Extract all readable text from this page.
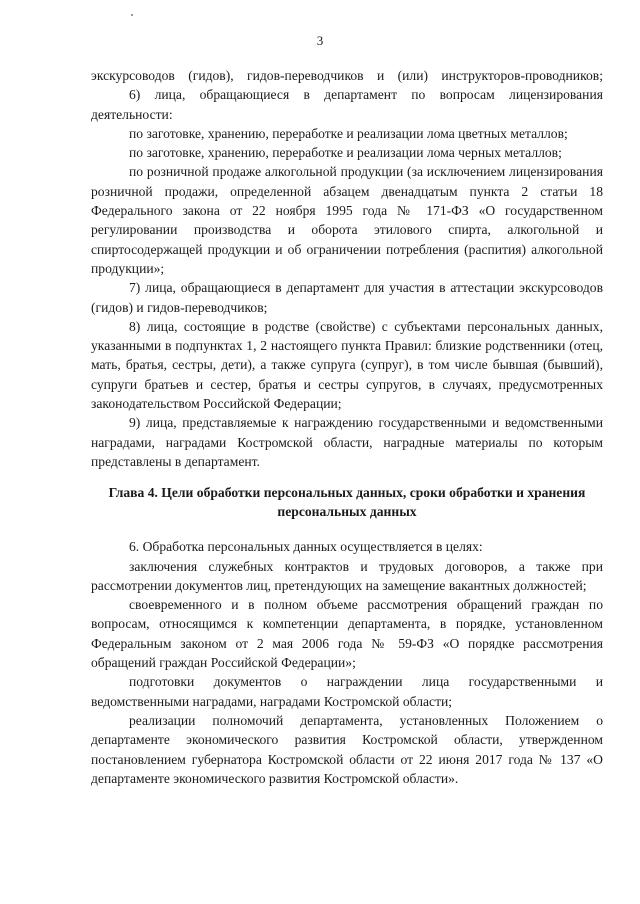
3

экскурсоводов (гидов), гидов-переводчиков и (или) инструкторов-проводников;

6) лица, обращающиеся в департамент по вопросам лицензирования деятельности:

по заготовке, хранению, переработке и реализации лома цветных металлов;

по заготовке, хранению, переработке и реализации лома черных металлов;

по розничной продаже алкогольной продукции (за исключением лицензирования розничной продажи, определенной абзацем двенадцатым пункта 2 статьи 18 Федерального закона от 22 ноября 1995 года № 171-ФЗ «О государственном регулировании производства и оборота этилового спирта, алкогольной и спиртосодержащей продукции и об ограничении потребления (распития) алкогольной продукции»;

7) лица, обращающиеся в департамент для участия в аттестации экскурсоводов (гидов) и гидов-переводчиков;

8) лица, состоящие в родстве (свойстве) с субъектами персональных данных, указанными в подпунктах 1, 2 настоящего пункта Правил: близкие родственники (отец, мать, братья, сестры, дети), а также супруга (супруг), в том числе бывшая (бывший), супруги братьев и сестер, братья и сестры супругов, в случаях, предусмотренных законодательством Российской Федерации;

9) лица, представляемые к награждению государственными и ведомственными наградами, наградами Костромской области, наградные материалы по которым представлены в департамент.

Глава 4. Цели обработки персональных данных, сроки обработки и хранения персональных данных

6. Обработка персональных данных осуществляется в целях:

заключения служебных контрактов и трудовых договоров, а также при рассмотрении документов лиц, претендующих на замещение вакантных должностей;

своевременного и в полном объеме рассмотрения обращений граждан по вопросам, относящимся к компетенции департамента, в порядке, установленном Федеральным законом от 2 мая 2006 года № 59-ФЗ «О порядке рассмотрения обращений граждан Российской Федерации»;

подготовки документов о награждении лица государственными и ведомственными наградами, наградами Костромской области;

реализации полномочий департамента, установленных Положением о департаменте экономического развития Костромской области, утвержденном постановлением губернатора Костромской области от 22 июня 2017 года № 137 «О департаменте экономического развития Костромской области».
